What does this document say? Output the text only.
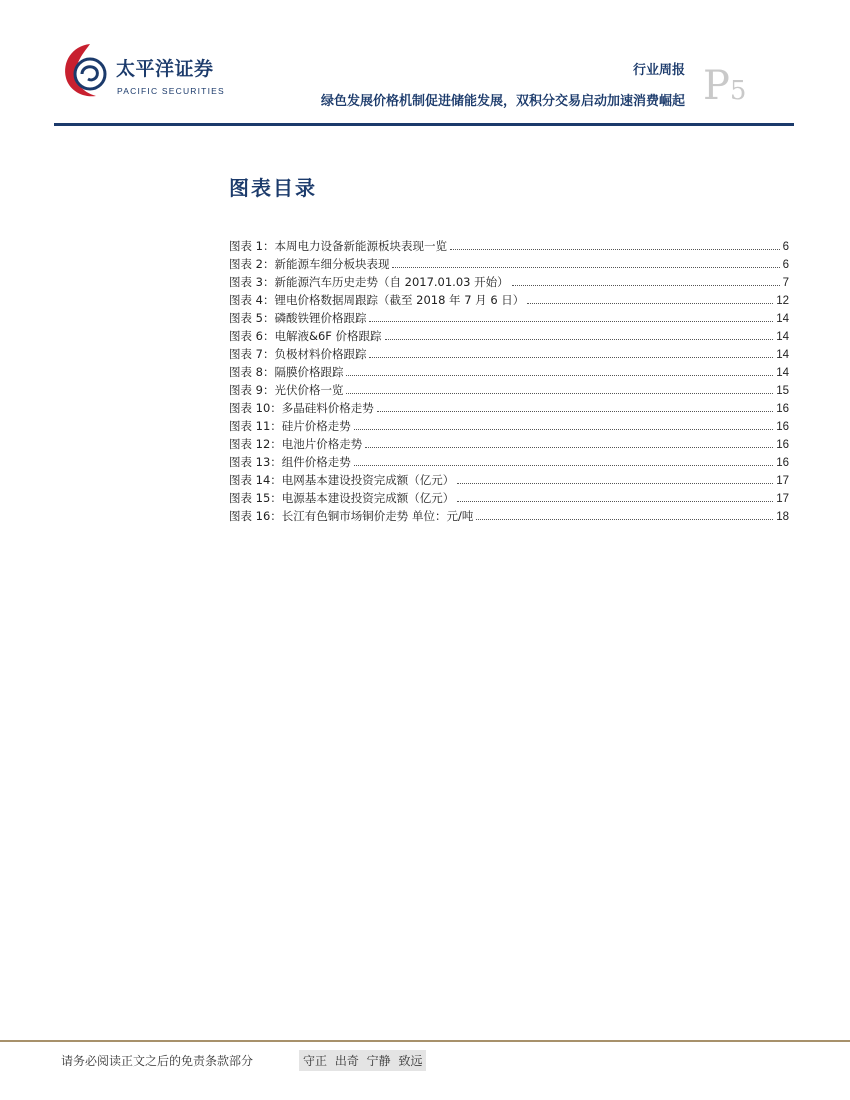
太平洋证券
PACIFIC SECURITIES
行业周报
绿色发展价格机制促进储能发展，双积分交易启动加速消费崛起 P5
图表目录
图表 1：本周电力设备新能源板块表现一览	6
图表 2：新能源车细分板块表现	6
图表 3：新能源汽车历史走势（自 2017.01.03 开始）	7
图表 4：锂电价格数据周跟踪（截至 2018 年 7 月 6 日）	12
图表 5：磷酸铁锂价格跟踪	14
图表 6：电解液&6F 价格跟踪	14
图表 7：负极材料价格跟踪	14
图表 8：隔膜价格跟踪	14
图表 9：光伏价格一览	15
图表 10：多晶硅料价格走势	16
图表 11：硅片价格走势	16
图表 12：电池片价格走势	16
图表 13：组件价格走势	16
图表 14：电网基本建设投资完成额（亿元）	17
图表 15：电源基本建设投资完成额（亿元）	17
图表 16：长江有色铜市场铜价走势 单位：元/吨	18
请务必阅读正文之后的免责条款部分	守正 出奇 宁静 致远
